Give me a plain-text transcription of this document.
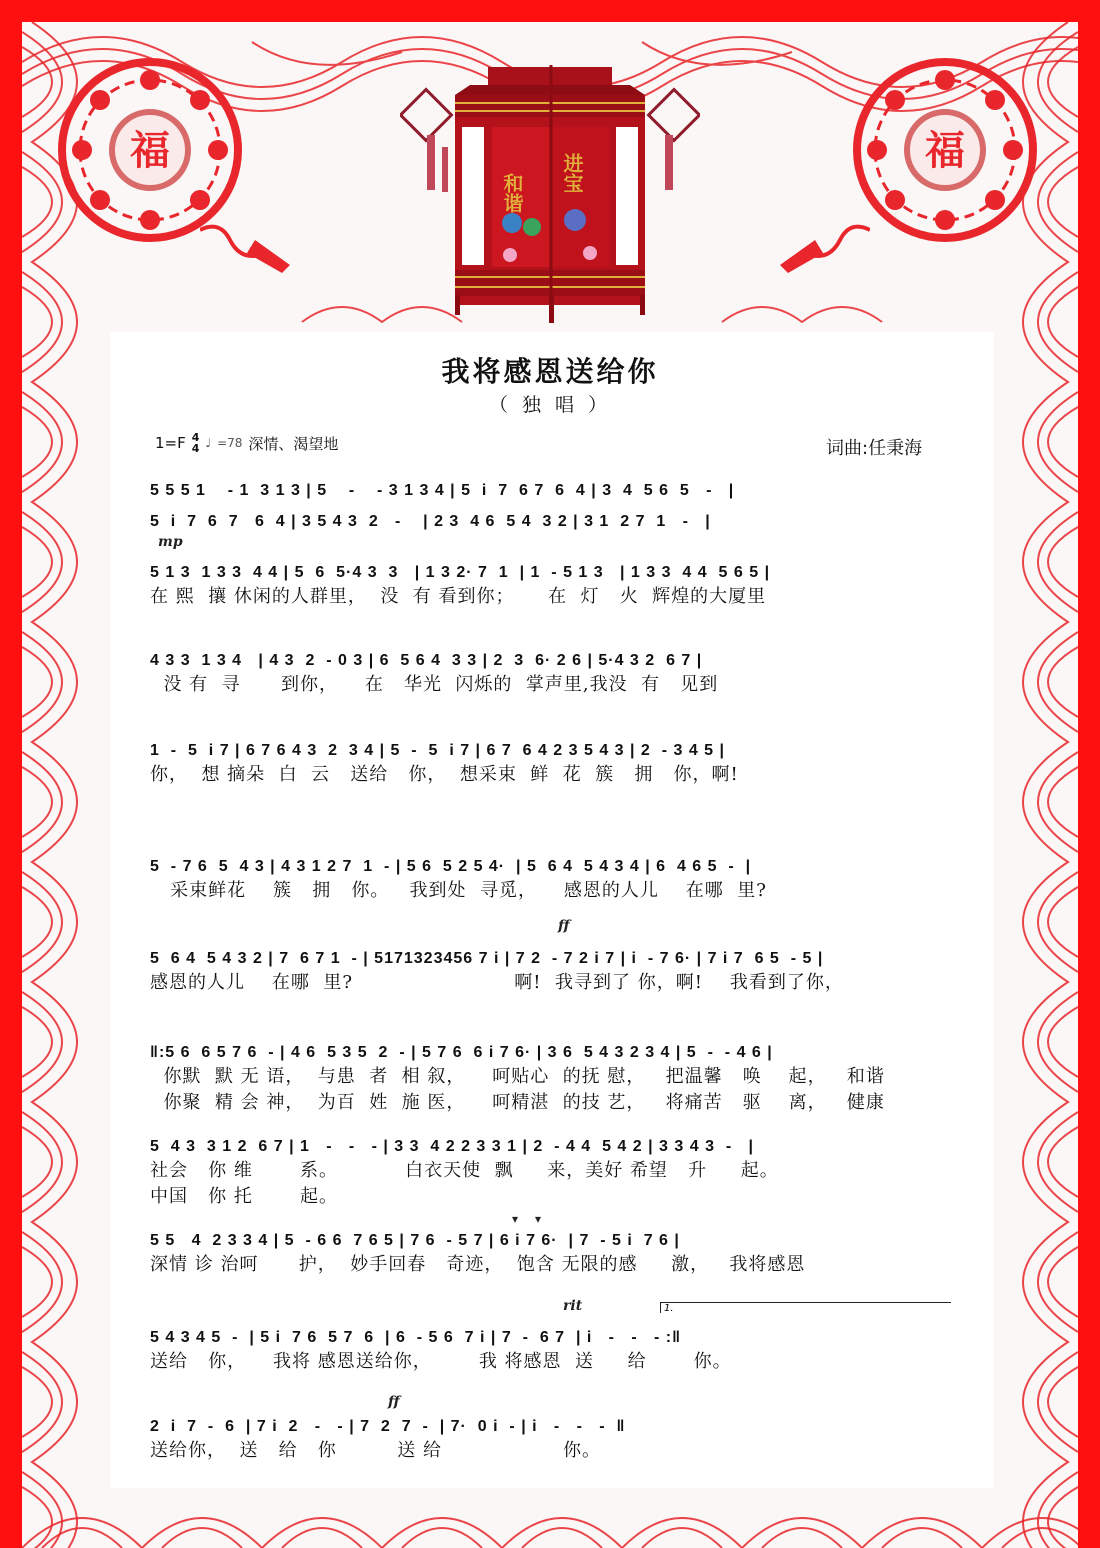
福	福
和谐 进宝
我将感恩送给你
（ 独 唱 ）
1=F 4
4 ♩ =78 深情、渴望地	词曲:任秉海
mp
ff
▾ ▾
rit	1.
ff
5 5 5 1    - 1  3 1 3 | 5    -    - 3 1 3 4 | 5  i  7  6 7  6  4 | 3  4  5 6  5   -   |
5  i  7  6  7   6  4 | 3 5 4 3  2   -    | 2 3  4 6  5 4  3 2 | 3 1  2 7  1   -   |
5 1 3  1 3 3  4 4 | 5  6  5·4 3  3   | 1 3 2· 7  1  | 1  - 5 1 3   | 1 3 3  4 4  5 6 5 |
在 熙  攘 休闲的人群里，  没  有 看到你；     在  灯   火  辉煌的大厦里
4 3 3  1 3 4   | 4 3  2  - 0 3 | 6  5 6 4  3 3 | 2  3  6· 2 6 | 5·4 3 2  6 7 |
没 有  寻      到你，    在   华光  闪烁的  掌声里,我没  有   见到
1  -  5  i 7 | 6 7 6 4 3  2  3 4 | 5  -  5  i 7 | 6 7  6 4 2 3 5 4 3 | 2  - 3 4 5 |
你，  想 摘朵  白  云   送给   你，  想采束  鲜  花  簇   拥   你，啊!
5  - 7 6  5  4 3 | 4 3 1 2 7  1  - | 5 6  5 2 5 4·  | 5  6 4  5 4 3 4 | 6  4 6 5  -  |
采束鲜花    簇   拥   你。   我到处  寻觅，    感恩的人儿    在哪  里?
5  6 4  5 4 3 2 | 7  6 7 1  - | 5171323456 7 i | 7 2  - 7 2 i 7 | i  - 7 6· | 7 i 7  6 5  - 5 |
感恩的人儿    在哪  里?                        啊!  我寻到了 你，啊!    我看到了你，
‖:5 6  6 5 7 6  - | 4 6  5 3 5  2  - | 5 7 6  6 i 7 6· | 3 6  5 4 3 2 3 4 | 5  -  - 4 6 |
你默  默 无 语，  与患  者  相 叙，    呵贴心  的抚 慰，   把温馨   唤    起，   和谐
你聚  精 会 神，  为百  姓  施 医，    呵精湛  的技 艺，   将痛苦   驱    离，   健康
5  4 3  3 1 2  6 7 | 1   -   -   - | 3 3  4 2 2 3 3 1 | 2  - 4 4  5 4 2 | 3 3 4 3  -   |
社会   你 维       系。          白衣天使  飘     来，美好 希望   升     起。
中国   你 托       起。
5 5   4  2 3 3 4 | 5  - 6 6  7 6 5 | 7 6  - 5 7 | 6 i 7 6·  | 7  - 5 i  7 6 |
深情 诊 治呵      护，  妙手回春   奇迹，  饱含 无限的感     激，   我将感恩
5 4 3 4 5  -  | 5 i  7 6  5 7  6  | 6  - 5 6  7 i | 7  -  6 7  | i   -   -   - :‖
送给   你，    我将 感恩送给你，       我 将感恩  送     给       你。
2  i  7  -  6  | 7 i  2   -   - | 7  2  7  -  | 7·  0 i  - | i   -   -   -  ‖
送给你，  送   给   你         送 给                  你。
